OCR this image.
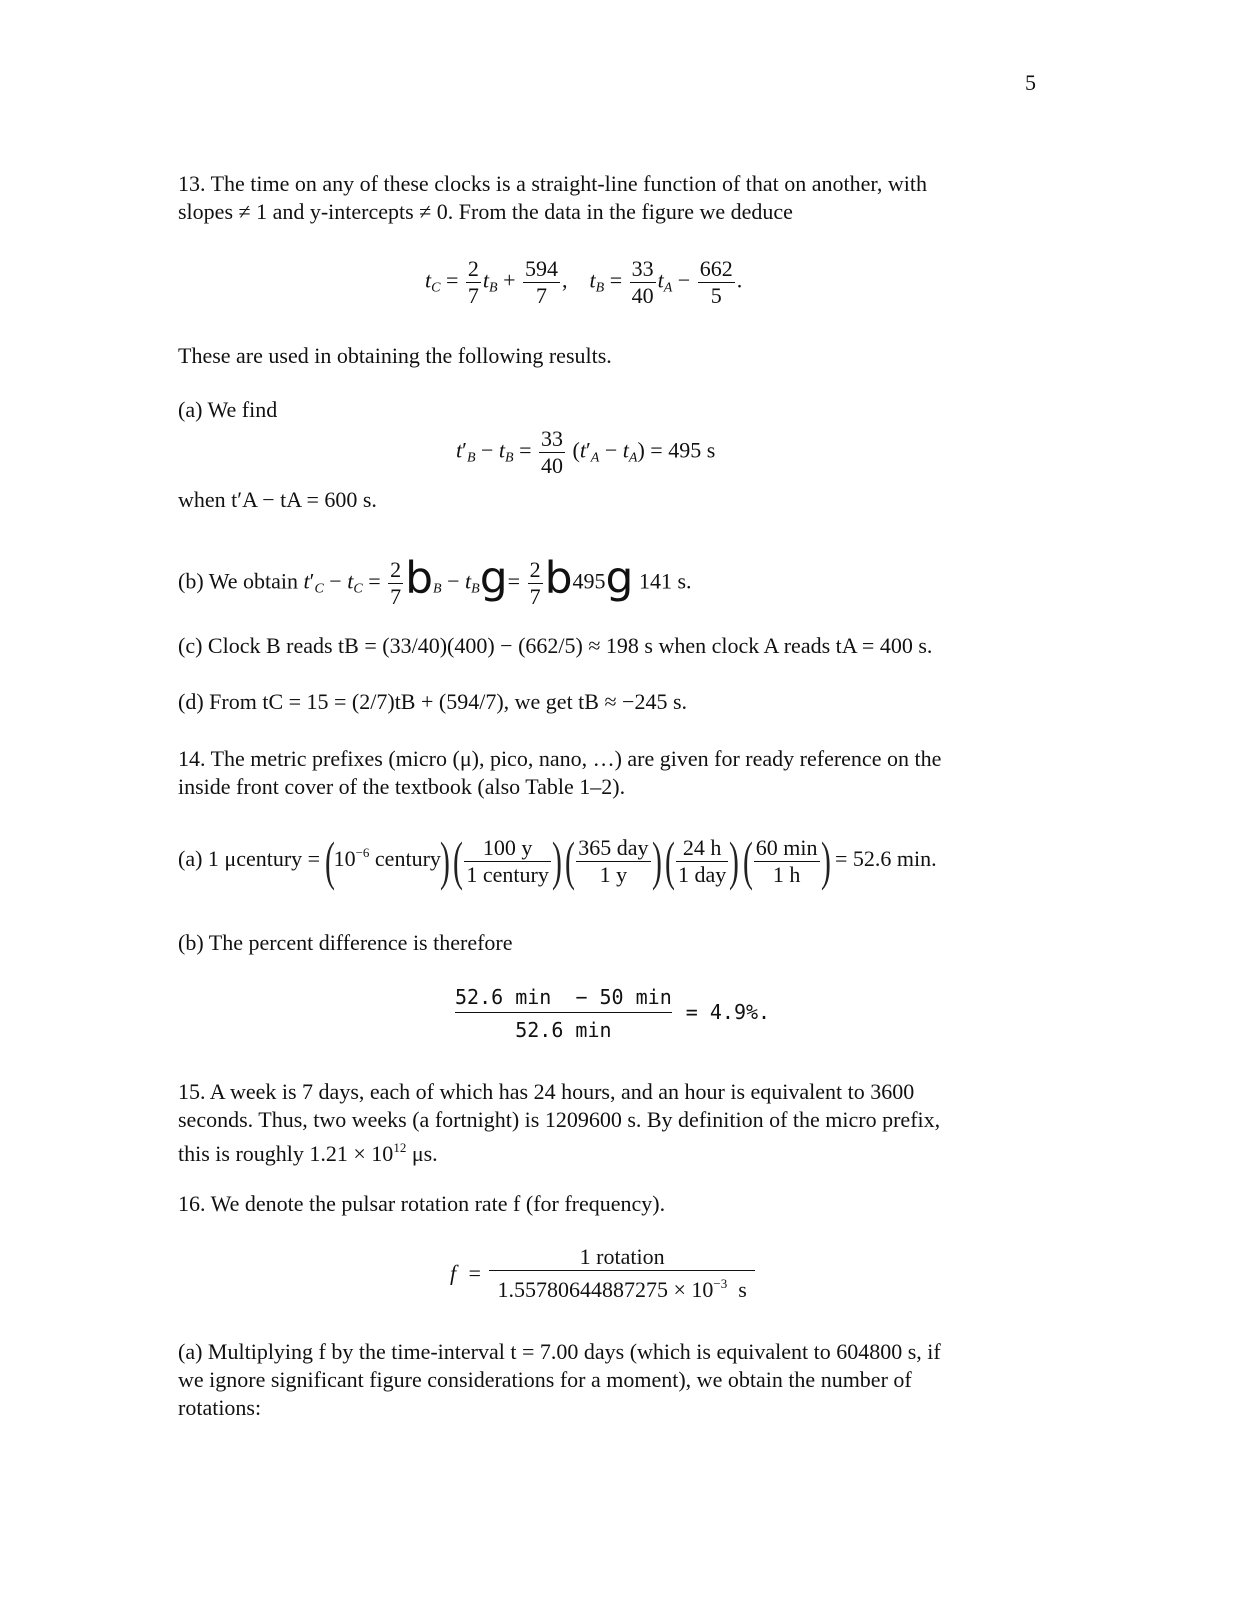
5
13. The time on any of these clocks is a straight-line function of that on another, with
slopes ≠ 1 and y-intercepts ≠ 0. From the data in the figure we deduce
$t_C = \frac{2}{7} t_B + \frac{594}{7}$ ,    $t_B = \frac{33}{40} t_A - \frac{662}{5}$ .
These are used in obtaining the following results.
(a) We find
$t'_B - t_B = \frac{33}{40} (t'_A - t_A) = 495$ s
when t′A − tA = 600 s.
(b) We obtain $t'_C - t_C = \frac{2}{7} b_B - t_Bg= \frac{2}{7} b495g$ 141 s.
(c) Clock B reads tB = (33/40)(400) − (662/5) ≈ 198 s when clock A reads tA = 400 s.
(d) From tC = 15 = (2/7)tB + (594/7), we get tB ≈ −245 s.
14. The metric prefixes (micro (μ), pico, nano, …) are given for ready reference on the
inside front cover of the textbook (also Table 1–2).
(a) 1 μcentury = ($10^{-6}$ century) ( $\frac{100 y}{\text{1 century}}$ ) ( $\frac{\text{365 day}}{1 y}$ ) ( $\frac{24 h}{\text{1 day}}$ ) ( $\frac{60 \min}{1 h}$ ) = 52.6 min.
(b) The percent difference is therefore
$\frac{52.6 \min - 50 \min}{52.6 \min} = 4.9\%$.
15. A week is 7 days, each of which has 24 hours, and an hour is equivalent to 3600
seconds. Thus, two weeks (a fortnight) is 1209600 s. By definition of the micro prefix,
this is roughly $1.21 \times 10^{12}$ μs.
16. We denote the pulsar rotation rate f (for frequency).
$f = \frac{\text{1 rotation}}{1.55780644887275 \times 10^{-3} s}$
(a) Multiplying f by the time-interval t = 7.00 days (which is equivalent to 604800 s, if
we ignore significant figure considerations for a moment), we obtain the number of
rotations:
